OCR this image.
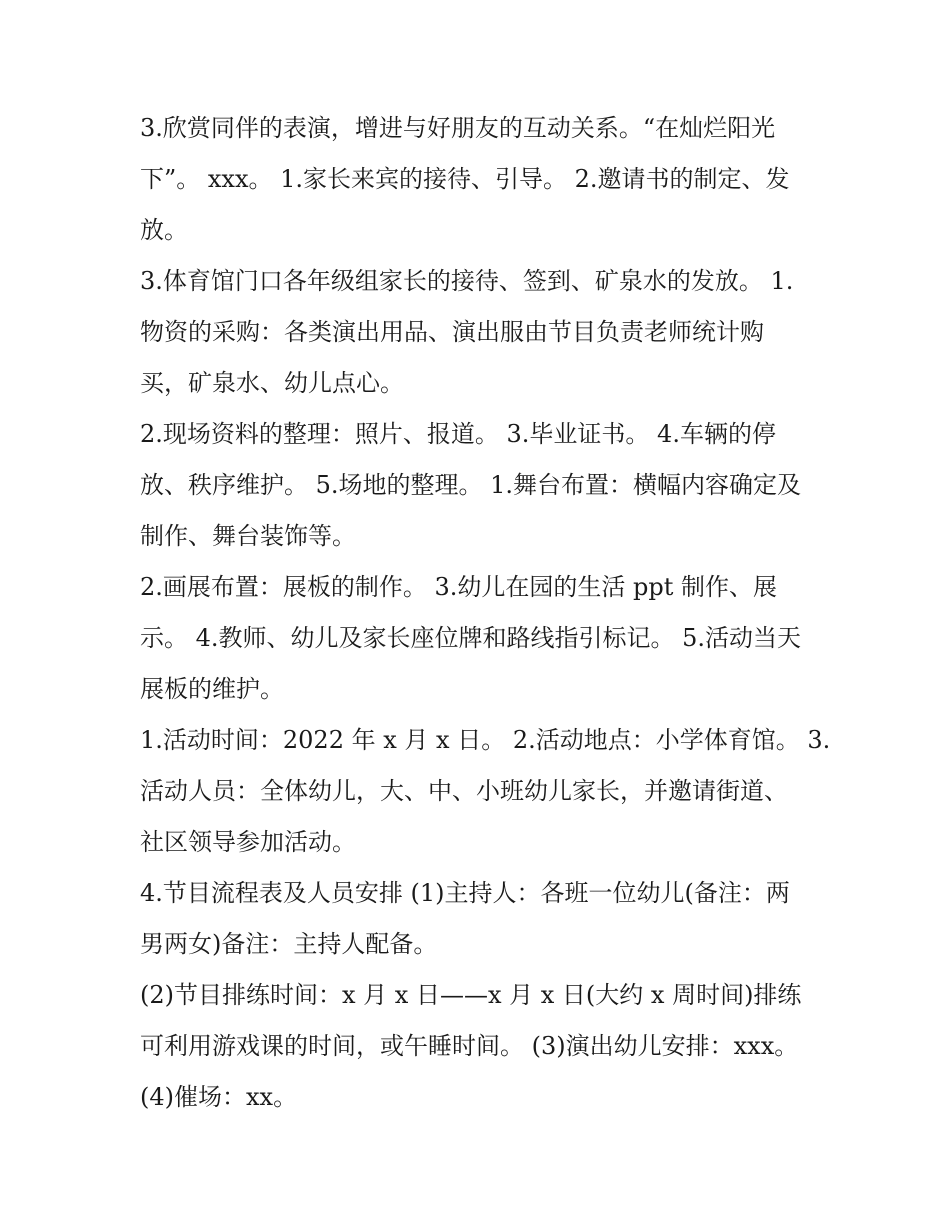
3.欣赏同伴的表演，增进与好朋友的互动关系。“在灿烂阳光
下”。 xxx。 1.家长来宾的接待、引导。 2.邀请书的制定、发
放。

3.体育馆门口各年级组家长的接待、签到、矿泉水的发放。 1.
物资的采购：各类演出用品、演出服由节目负责老师统计购
买，矿泉水、幼儿点心。

2.现场资料的整理：照片、报道。 3.毕业证书。 4.车辆的停
放、秩序维护。 5.场地的整理。 1.舞台布置：横幅内容确定及
制作、舞台装饰等。

2.画展布置：展板的制作。 3.幼儿在园的生活 ppt 制作、展
示。 4.教师、幼儿及家长座位牌和路线指引标记。 5.活动当天
展板的维护。

1.活动时间：2022 年 x 月 x 日。 2.活动地点：小学体育馆。 3.
活动人员：全体幼儿，大、中、小班幼儿家长，并邀请街道、
社区领导参加活动。

4.节目流程表及人员安排 (1)主持人：各班一位幼儿(备注：两
男两女)备注：主持人配备。

(2)节目排练时间：x 月 x 日——x 月 x 日(大约 x 周时间)排练
可利用游戏课的时间，或午睡时间。 (3)演出幼儿安排：xxx。
(4)催场：xx。
